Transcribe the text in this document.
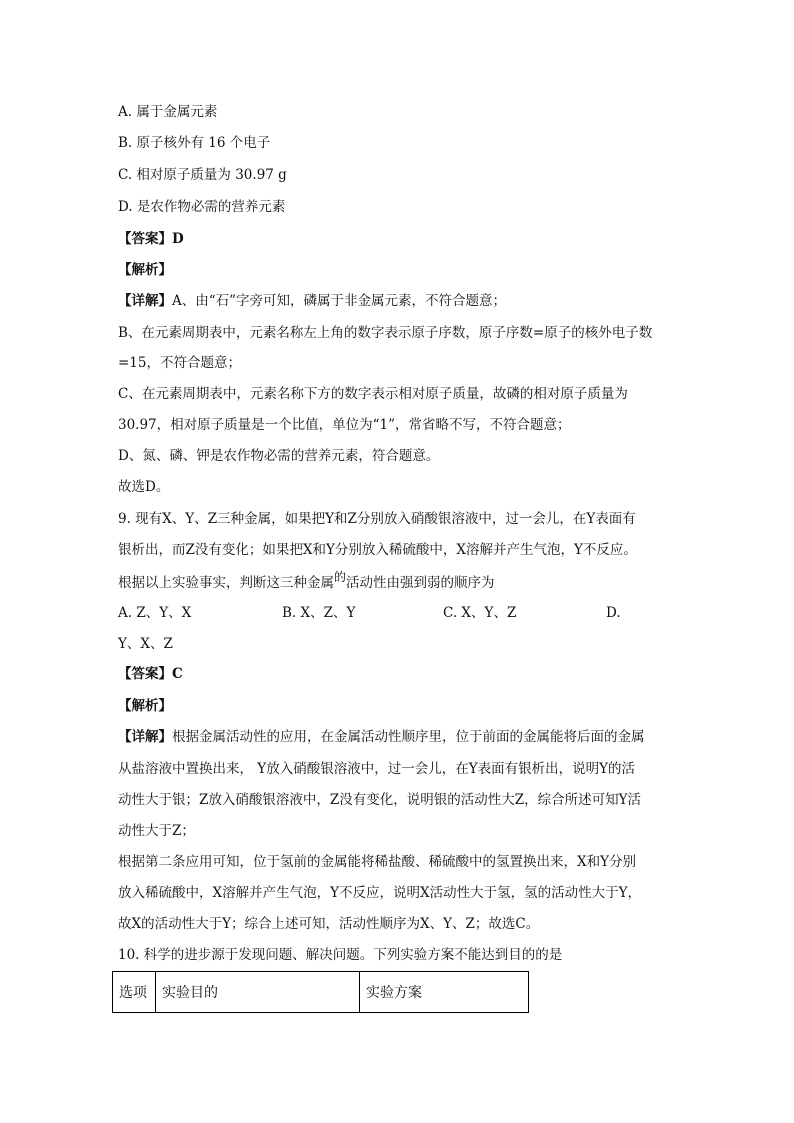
A. 属于金属元素
B. 原子核外有 16 个电子
C. 相对原子质量为 30.97 g
D. 是农作物必需的营养元素
【答案】D
【解析】
【详解】A、由“石”字旁可知，磷属于非金属元素，不符合题意；
B、在元素周期表中，元素名称左上角的数字表示原子序数，原子序数=原子的核外电子数
=15，不符合题意；
C、在元素周期表中，元素名称下方的数字表示相对原子质量，故磷的相对原子质量为
30.97，相对原子质量是一个比值，单位为“1”，常省略不写，不符合题意；
D、氮、磷、钾是农作物必需的营养元素，符合题意。
故选D。
9. 现有X、Y、Z三种金属，如果把Y和Z分别放入硝酸银溶液中，过一会儿，在Y表面有
银析出，而Z没有变化；如果把X和Y分别放入稀硫酸中，X溶解并产生气泡，Y不反应。
根据以上实验事实，判断这三种金属的活动性由强到弱的顺序为
A. Z、Y、X	B. X、Z、Y	C. X、Y、Z	D.
Y、X、Z
【答案】C
【解析】
【详解】根据金属活动性的应用，在金属活动性顺序里，位于前面的金属能将后面的金属
从盐溶液中置换出来， Y放入硝酸银溶液中，过一会儿，在Y表面有银析出，说明Y的活
动性大于银；Z放入硝酸银溶液中，Z没有变化，说明银的活动性大Z，综合所述可知Y活
动性大于Z；
根据第二条应用可知，位于氢前的金属能将稀盐酸、稀硫酸中的氢置换出来，X和Y分别
放入稀硫酸中，X溶解并产生气泡，Y不反应，说明X活动性大于氢，氢的活动性大于Y，
故X的活动性大于Y；综合上述可知，活动性顺序为X、Y、Z；故选C。
10. 科学的进步源于发现问题、解决问题。下列实验方案不能达到目的的是
选项	实验目的	实验方案
